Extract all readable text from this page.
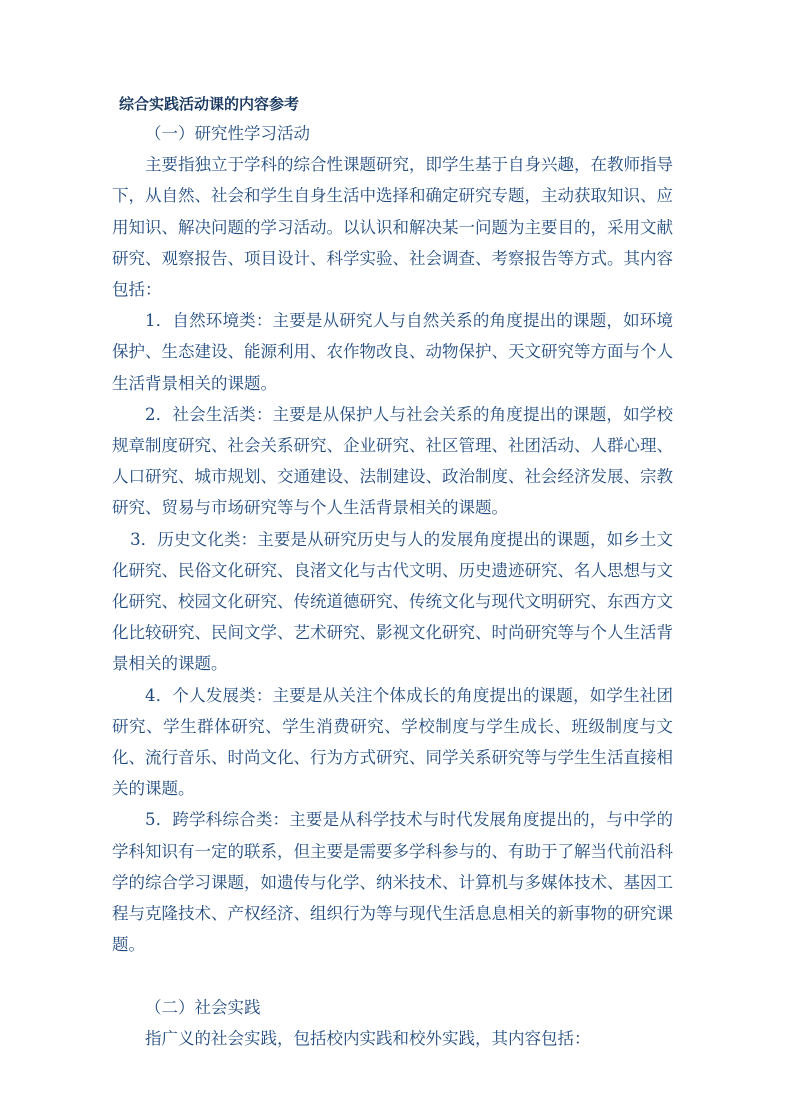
综合实践活动课的内容参考

（一）研究性学习活动

主要指独立于学科的综合性课题研究，即学生基于自身兴趣，在教师指导下，从自然、社会和学生自身生活中选择和确定研究专题，主动获取知识、应用知识、解决问题的学习活动。以认识和解决某一问题为主要目的，采用文献研究、观察报告、项目设计、科学实验、社会调查、考察报告等方式。其内容包括：

1．自然环境类：主要是从研究人与自然关系的角度提出的课题，如环境保护、生态建设、能源利用、农作物改良、动物保护、天文研究等方面与个人生活背景相关的课题。

2．社会生活类：主要是从保护人与社会关系的角度提出的课题，如学校规章制度研究、社会关系研究、企业研究、社区管理、社团活动、人群心理、人口研究、城市规划、交通建设、法制建设、政治制度、社会经济发展、宗教研究、贸易与市场研究等与个人生活背景相关的课题。

3．历史文化类：主要是从研究历史与人的发展角度提出的课题，如乡土文化研究、民俗文化研究、良渚文化与古代文明、历史遗迹研究、名人思想与文化研究、校园文化研究、传统道德研究、传统文化与现代文明研究、东西方文化比较研究、民间文学、艺术研究、影视文化研究、时尚研究等与个人生活背景相关的课题。

4．个人发展类：主要是从关注个体成长的角度提出的课题，如学生社团研究、学生群体研究、学生消费研究、学校制度与学生成长、班级制度与文化、流行音乐、时尚文化、行为方式研究、同学关系研究等与学生生活直接相关的课题。

5．跨学科综合类：主要是从科学技术与时代发展角度提出的，与中学的学科知识有一定的联系，但主要是需要多学科参与的、有助于了解当代前沿科学的综合学习课题，如遗传与化学、纳米技术、计算机与多媒体技术、基因工程与克隆技术、产权经济、组织行为等与现代生活息息相关的新事物的研究课题。

（二）社会实践

指广义的社会实践，包括校内实践和校外实践，其内容包括：
